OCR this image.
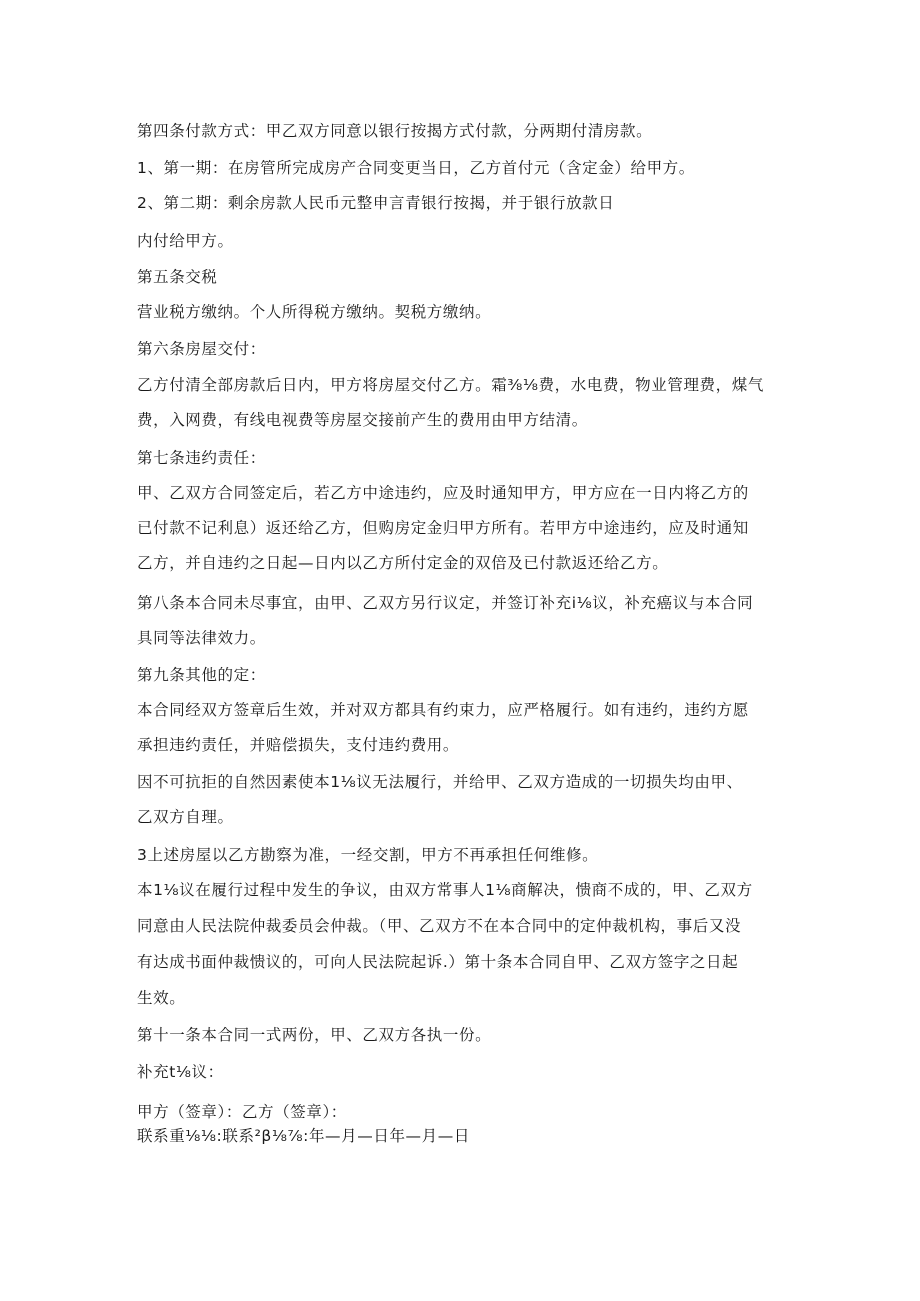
第四条付款方式：甲乙双方同意以银行按揭方式付款，分两期付清房款。
1、第一期：在房管所完成房产合同变更当日，乙方首付元（含定金）给甲方。
2、第二期：剩余房款人民币元整申言青银行按揭，并于银行放款日
内付给甲方。
第五条交税
营业税方缴纳。个人所得税方缴纳。契税方缴纳。
第六条房屋交付：
乙方付清全部房款后日内，甲方将房屋交付乙方。霜⅜⅛费，水电费，物业管理费，煤气
费，入网费，有线电视费等房屋交接前产生的费用由甲方结清。
第七条违约责任：
甲、乙双方合同签定后，若乙方中途违约，应及时通知甲方，甲方应在一日内将乙方的
已付款不记利息）返还给乙方，但购房定金归甲方所有。若甲方中途违约，应及时通知
乙方，并自违约之日起—日内以乙方所付定金的双倍及已付款返还给乙方。
第八条本合同未尽事宜，由甲、乙双方另行议定，并签订补充i⅛议，补充癌议与本合同
具同等法律效力。
第九条其他的定：
本合同经双方签章后生效，并对双方都具有约束力，应严格履行。如有违约，违约方愿
承担违约责任，并赔偿损失，支付违约费用。
因不可抗拒的自然因素使本1⅛议无法履行，并给甲、乙双方造成的一切损失均由甲、
乙双方自理。
3上述房屋以乙方勘察为准，一经交割，甲方不再承担任何维修。
本1⅛议在履行过程中发生的争议，由双方常事人1⅛商解决，愦商不成的，甲、乙双方
同意由人民法院仲裁委员会仲裁。（甲、乙双方不在本合同中的定仲裁机构，事后又没
有达成书面仲裁愦议的，可向人民法院起诉.）第十条本合同自甲、乙双方签字之日起
生效。
第十一条本合同一式两份，甲、乙双方各执一份。
补充t⅛议：
甲方（签章）：乙方（签章）：
联系重⅛⅛:联系²β⅛⅞:年—月—日年—月—日
